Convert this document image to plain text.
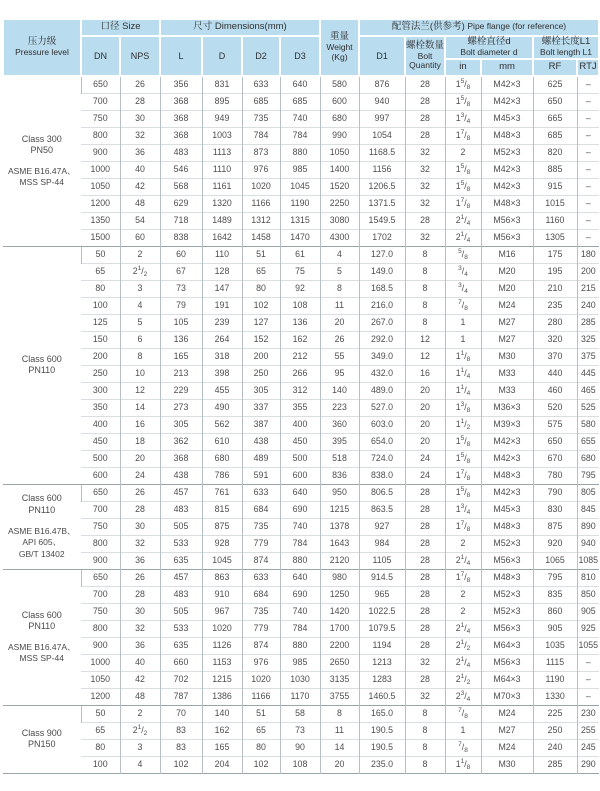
压力级
Pressure level	口径 Size		尺寸 Dimensions(mm)				重量
Weight
(Kg)	配管法兰(供参考) Pipe flange (for reference)					
	DN	NPS	L	D	D2	D3		D1	螺栓数量
Bolt
Quantity	螺栓直径d
Bolt diameter d		螺栓长度L1
Bolt length L1	

										in	mm	RF	RTJ

Class 300
PN50
ASME B16.47A、
MSS SP-44	650	26	356	831	633	640	580	876	28	$1^5/_8$	M42×3	625	–
	700	28	368	895	685	685	600	940	28	$1^5/_8$	M42×3	650	–
	750	30	368	949	735	740	680	997	28	$1^3/_4$	M45×3	665	–
	800	32	368	1003	784	784	990	1054	28	$1^7/_8$	M48×3	685	–
	900	36	483	1113	873	880	1050	1168.5	32	2	M52×3	820	–
	1000	40	546	1110	976	985	1400	1156	32	$1^5/_8$	M42×3	885	–
	1050	42	568	1161	1020	1045	1520	1206.5	32	$1^5/_8$	M42×3	915	–
	1200	48	629	1320	1166	1190	2250	1371.5	32	$1^7/_8$	M48×3	1015	–
	1350	54	718	1489	1312	1315	3080	1549.5	28	$2^1/_4$	M56×3	1160	–
	1500	60	838	1642	1458	1470	4300	1702	32	$2^1/_4$	M56×3	1305	–

Class 600
PN110	50	2	60	110	51	61	4	127.0	8	$^5/_8$	M16	175	180
	65	$2^1/_2$	67	128	65	75	5	149.0	8	$^3/_4$	M20	195	200
	80	3	73	147	80	92	8	168.5	8	$^3/_4$	M20	210	215
	100	4	79	191	102	108	11	216.0	8	$^7/_8$	M24	235	240
	125	5	105	239	127	136	20	267.0	8	1	M27	280	285
	150	6	136	264	152	162	26	292.0	12	1	M27	320	325
	200	8	165	318	200	212	55	349.0	12	$1^1/_8$	M30	370	375
	250	10	213	398	250	266	95	432.0	16	$1^1/_4$	M33	440	445
	300	12	229	455	305	312	140	489.0	20	$1^1/_4$	M33	460	465
	350	14	273	490	337	355	223	527.0	20	$1^3/_8$	M36×3	520	525
	400	16	305	562	387	400	360	603.0	20	$1^1/_2$	M39×3	575	580
	450	18	362	610	438	450	395	654.0	20	$1^5/_8$	M42×3	650	655
	500	20	368	680	489	500	518	724.0	24	$1^5/_8$	M42×3	670	680
	600	24	438	786	591	600	836	838.0	24	$1^7/_8$	M48×3	780	795

Class 600
PN110
ASME B16.47B、
API 605、
GB/T 13402	650	26	457	761	633	640	950	806.5	28	$1^5/_8$	M42×3	790	805
	700	28	483	815	684	690	1215	863.5	28	$1^3/_4$	M45×3	830	845
	750	30	505	875	735	740	1378	927	28	$1^7/_8$	M48×3	875	890
	800	32	533	928	779	784	1643	984	28	2	M52×3	920	940
	900	36	635	1045	874	880	2120	1105	28	$2^1/_4$	M56×3	1065	1085

Class 600
PN110
ASME B16.47A、
MSS SP-44	650	26	457	863	633	640	980	914.5	28	$1^7/_8$	M48×3	795	810
	700	28	483	910	684	690	1250	965	28	2	M52×3	835	850
	750	30	505	967	735	740	1420	1022.5	28	2	M52×3	860	905
	800	32	533	1020	779	784	1700	1079.5	28	$2^1/_4$	M56×3	905	925
	900	36	635	1126	874	880	2200	1194	28	$2^1/_2$	M64×3	1035	1055
	1000	40	660	1153	976	985	2650	1213	32	$2^1/_4$	M56×3	1115	–
	1050	42	702	1215	1020	1030	3135	1283	28	$2^1/_2$	M64×3	1190	–
	1200	48	787	1386	1166	1170	3755	1460.5	32	$2^3/_4$	M70×3	1330	–

Class 900
PN150	50	2	70	140	51	58	8	165.0	8	$^7/_8$	M24	225	230
	65	$2^1/_2$	83	162	65	73	11	190.5	8	1	M27	250	255
	80	3	83	165	80	90	14	190.5	8	$^7/_8$	M24	240	245
	100	4	102	204	102	108	20	235.0	8	$1^1/_8$	M30	285	290
